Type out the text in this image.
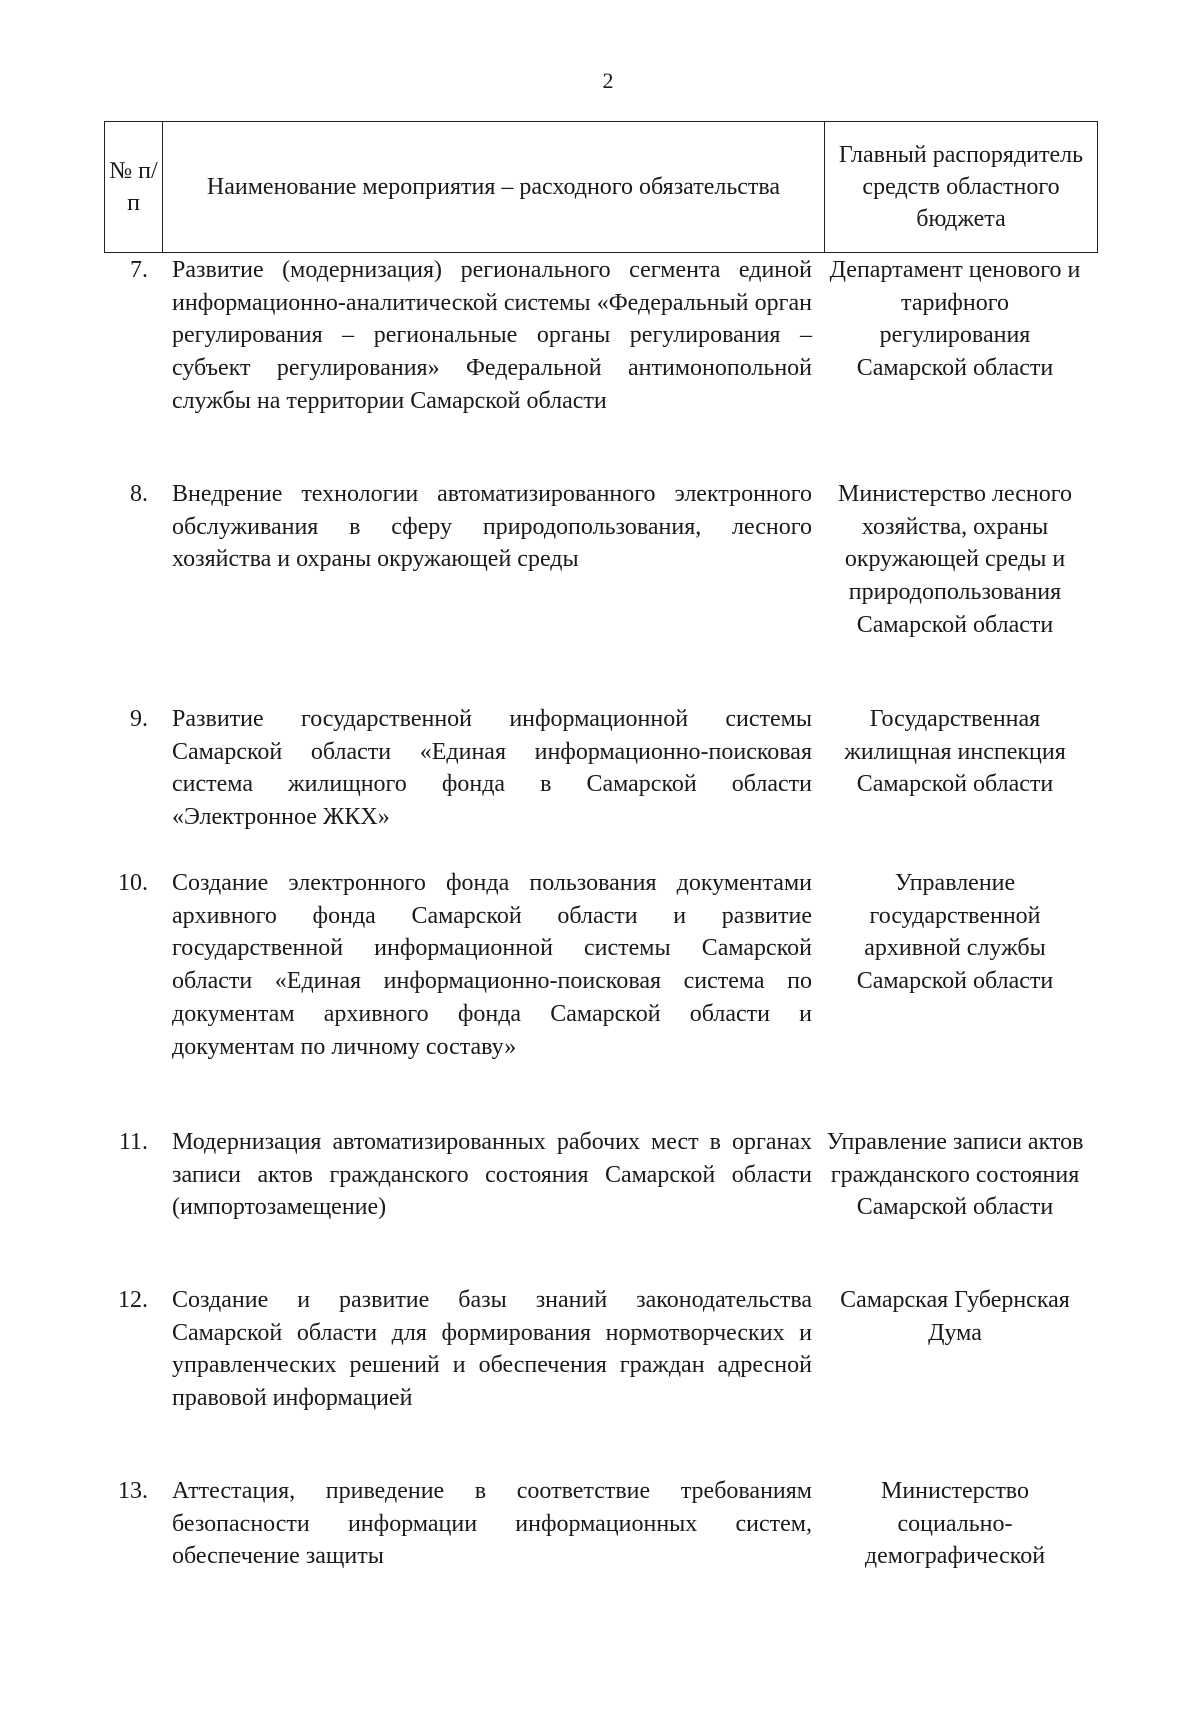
2
№ п/п
Наименование мероприятия – расходного обязательства
Главный распорядитель средств областного бюджета
7. Развитие (модернизация) регионального сегмента единой информационно-аналитической системы «Федеральный орган регулирования – региональные органы регулирования – субъект регулирования» Федеральной антимонопольной службы на территории Самарской области
Департамент ценового и тарифного регулирования Самарской области
8. Внедрение технологии автоматизированного электронного обслуживания в сферу природопользования, лесного хозяйства и охраны окружающей среды
Министерство лесного хозяйства, охраны окружающей среды и природопользования Самарской области
9. Развитие государственной информационной системы Самарской области «Единая информационно-поисковая система жилищного фонда в Самарской области «Электронное ЖКХ»
Государственная жилищная инспекция Самарской области
10. Создание электронного фонда пользования документами архивного фонда Самарской области и развитие государственной информационной системы Самарской области «Единая информационно-поисковая система по документам архивного фонда Самарской области и документам по личному составу»
Управление государственной архивной службы Самарской области
11. Модернизация автоматизированных рабочих мест в органах записи актов гражданского состояния Самарской области (импортозамещение)
Управление записи актов гражданского состояния Самарской области
12. Создание и развитие базы знаний законодательства Самарской области для формирования нормотворческих и управленческих решений и обеспечения граждан адресной правовой информацией
Самарская Губернская Дума
13. Аттестация, приведение в соответствие требованиям безопасности информации информационных систем, обеспечение защиты
Министерство социально-демографической
